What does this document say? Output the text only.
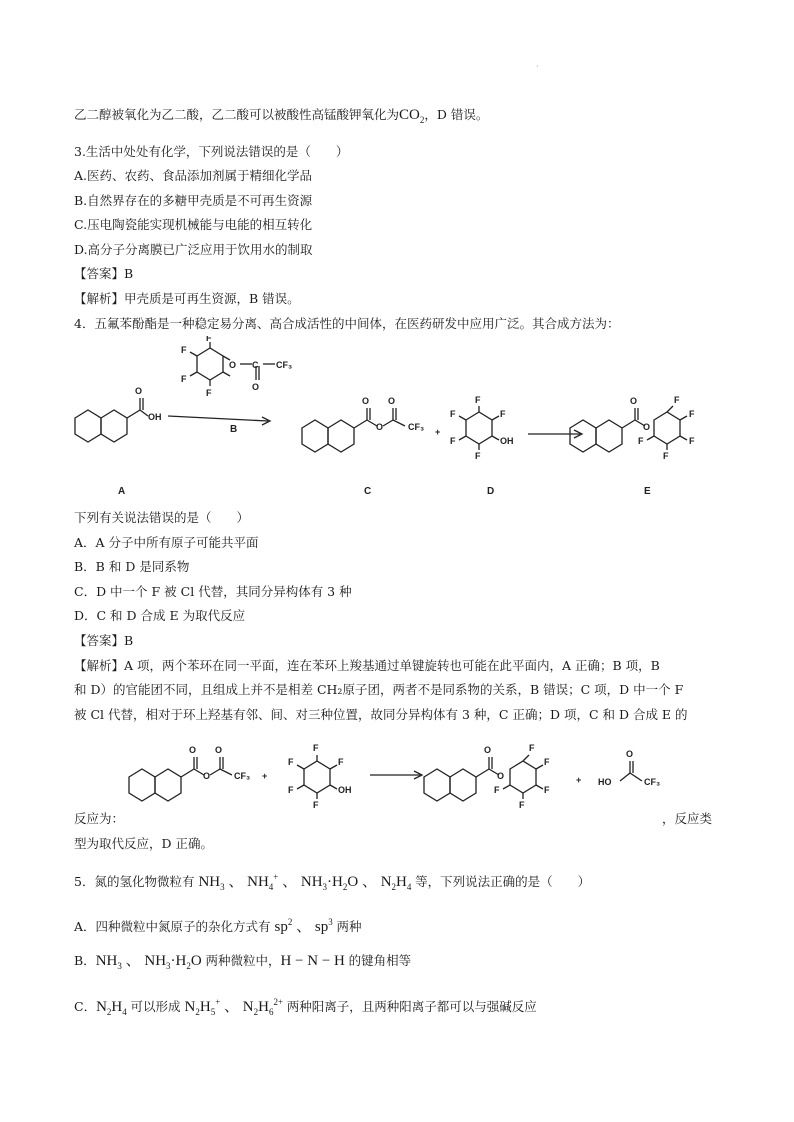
·
乙二醇被氧化为乙二酸，乙二酸可以被酸性高锰酸钾氧化为$CO_2$，D 错误。
3.生活中处处有化学，下列说法错误的是（　　）
A.医药、农药、食品添加剂属于精细化学品
B.自然界存在的多糖甲壳质是不可再生资源
C.压电陶瓷能实现机械能与电能的相互转化
D.高分子分离膜已广泛应用于饮用水的制取
【答案】B
【解析】甲壳质是可再生资源，B 错误。
4．五氟苯酚酯是一种稳定易分离、高合成活性的中间体，在医药研发中应用广泛。其合成方法为：
O
OH
F
F
F
F
O C
O
CF₃
O
O
O
CF₃ +
F
F
F
F
OH
F
O
O
F
F
F
F
F
B
A	C	D	E
下列有关说法错误的是（　　）
A．A 分子中所有原子可能共平面
B．B 和 D 是同系物
C．D 中一个 F 被 Cl 代替，其同分异构体有 3 种
D．C 和 D 合成 E 为取代反应
【答案】B
【解析】A 项，两个苯环在同一平面，连在苯环上羧基通过单键旋转也可能在此平面内，A 正确；B 项，B
和 D）的官能团不同，且组成上并不是相差 CH₂原子团，两者不是同系物的关系，B 错误；C 项，D 中一个 F
被 Cl 代替，相对于环上羟基有邻、间、对三种位置，故同分异构体有 3 种，C 正确；D 项，C 和 D 合成 E 的
O
O
O
CF₃ +
F
F
F
F
F
OH
O
O
F
F
F
F
F
+ HO
O
CF₃
反应为：	，反应类
型为取代反应，D 正确。
5．氮的氢化物微粒有 $NH_3$ 、 $NH_4^+$ 、 $NH_3\cdot H_2O$ 、 $N_2H_4$ 等，下列说法正确的是（　　）
A．四种微粒中氮原子的杂化方式有 $sp^2$ 、 $sp^3$ 两种
B．$NH_3$ 、 $NH_3\cdot H_2O$ 两种微粒中，H − N − H 的键角相等
C．$N_2H_4$ 可以形成 $N_2H_5^+$ 、 $N_2H_6^{2+}$ 两种阳离子，且两种阳离子都可以与强碱反应
